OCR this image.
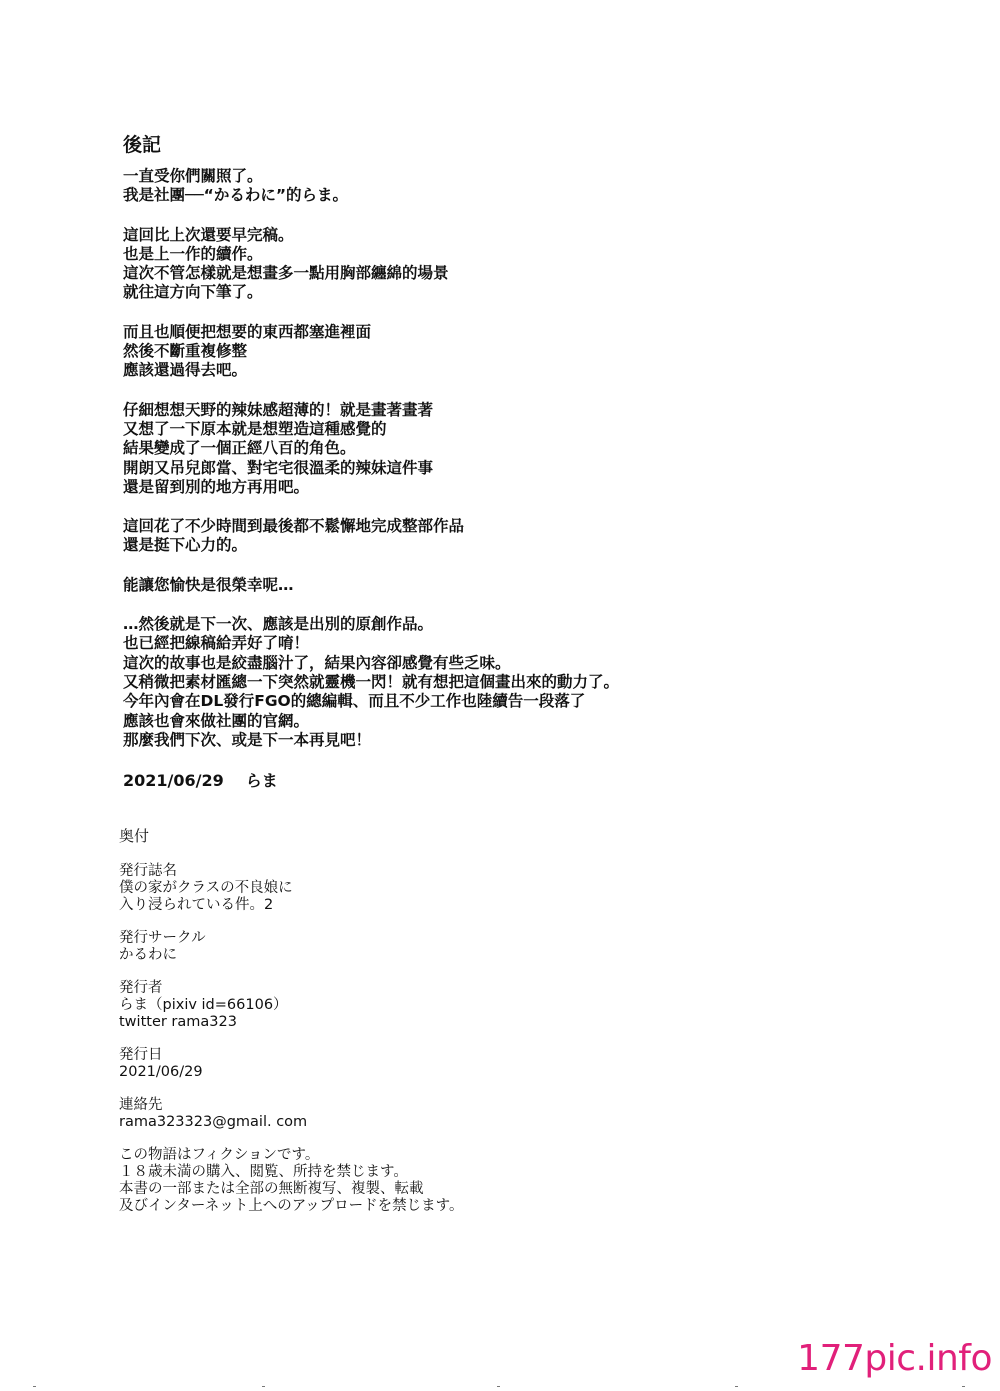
後記
一直受你們關照了。
我是社團──“かるわに”的らま。
這回比上次還要早完稿。
也是上一作的續作。
這次不管怎樣就是想畫多一點用胸部纏綿的場景
就往這方向下筆了。
而且也順便把想要的東西都塞進裡面
然後不斷重複修整
應該還過得去吧。
仔細想想天野的辣妹感超薄的！就是畫著畫著
又想了一下原本就是想塑造這種感覺的
結果變成了一個正經八百的角色。
開朗又吊兒郎當、對宅宅很溫柔的辣妹這件事
還是留到別的地方再用吧。
這回花了不少時間到最後都不鬆懈地完成整部作品
還是挺下心力的。
能讓您愉快是很榮幸呢…
…然後就是下一次、應該是出別的原創作品。
也已經把線稿給弄好了唷！
這次的故事也是絞盡腦汁了，結果內容卻感覺有些乏味。
又稍微把素材匯總一下突然就靈機一閃！就有想把這個畫出來的動力了。
今年內會在DL發行FGO的總編輯、而且不少工作也陸續告一段落了
應該也會來做社團的官網。
那麼我們下次、或是下一本再見吧！
2021/06/29 らま
奥付
発行誌名
僕の家がクラスの不良娘に
入り浸られている件。2
発行サークル
かるわに
発行者
らま（pixiv id=66106）
twitter rama323
発行日
2021/06/29
連絡先
rama323323@gmail. com
この物語はフィクションです。
１８歳未満の購入、閲覧、所持を禁じます。
本書の一部または全部の無断複写、複製、転載
及びインターネット上へのアップロードを禁じます。
177pic.info
